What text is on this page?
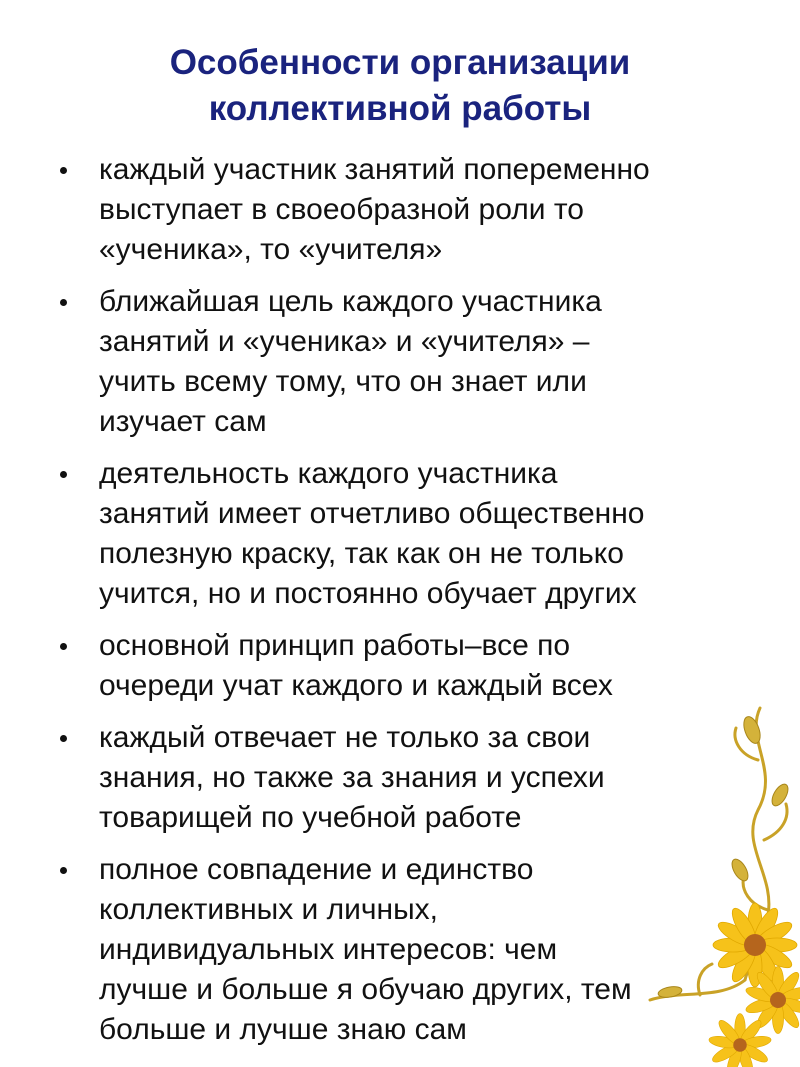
Особенности организации
коллективной работы
каждый участник занятий попеременно
выступает в своеобразной роли то
«ученика», то «учителя»
ближайшая цель каждого участника
занятий и «ученика» и «учителя» –
учить всему тому, что он знает или
изучает сам
деятельность каждого участника
занятий имеет отчетливо общественно
полезную краску, так как он не только
учится, но и постоянно обучает других
основной принцип работы–все по
очереди учат каждого и каждый всех
каждый отвечает не только за свои
знания, но также за знания и успехи
товарищей по учебной работе
полное совпадение и единство
коллективных и личных,
индивидуальных интересов: чем
лучше и больше я обучаю других, тем
больше и лучше знаю сам
